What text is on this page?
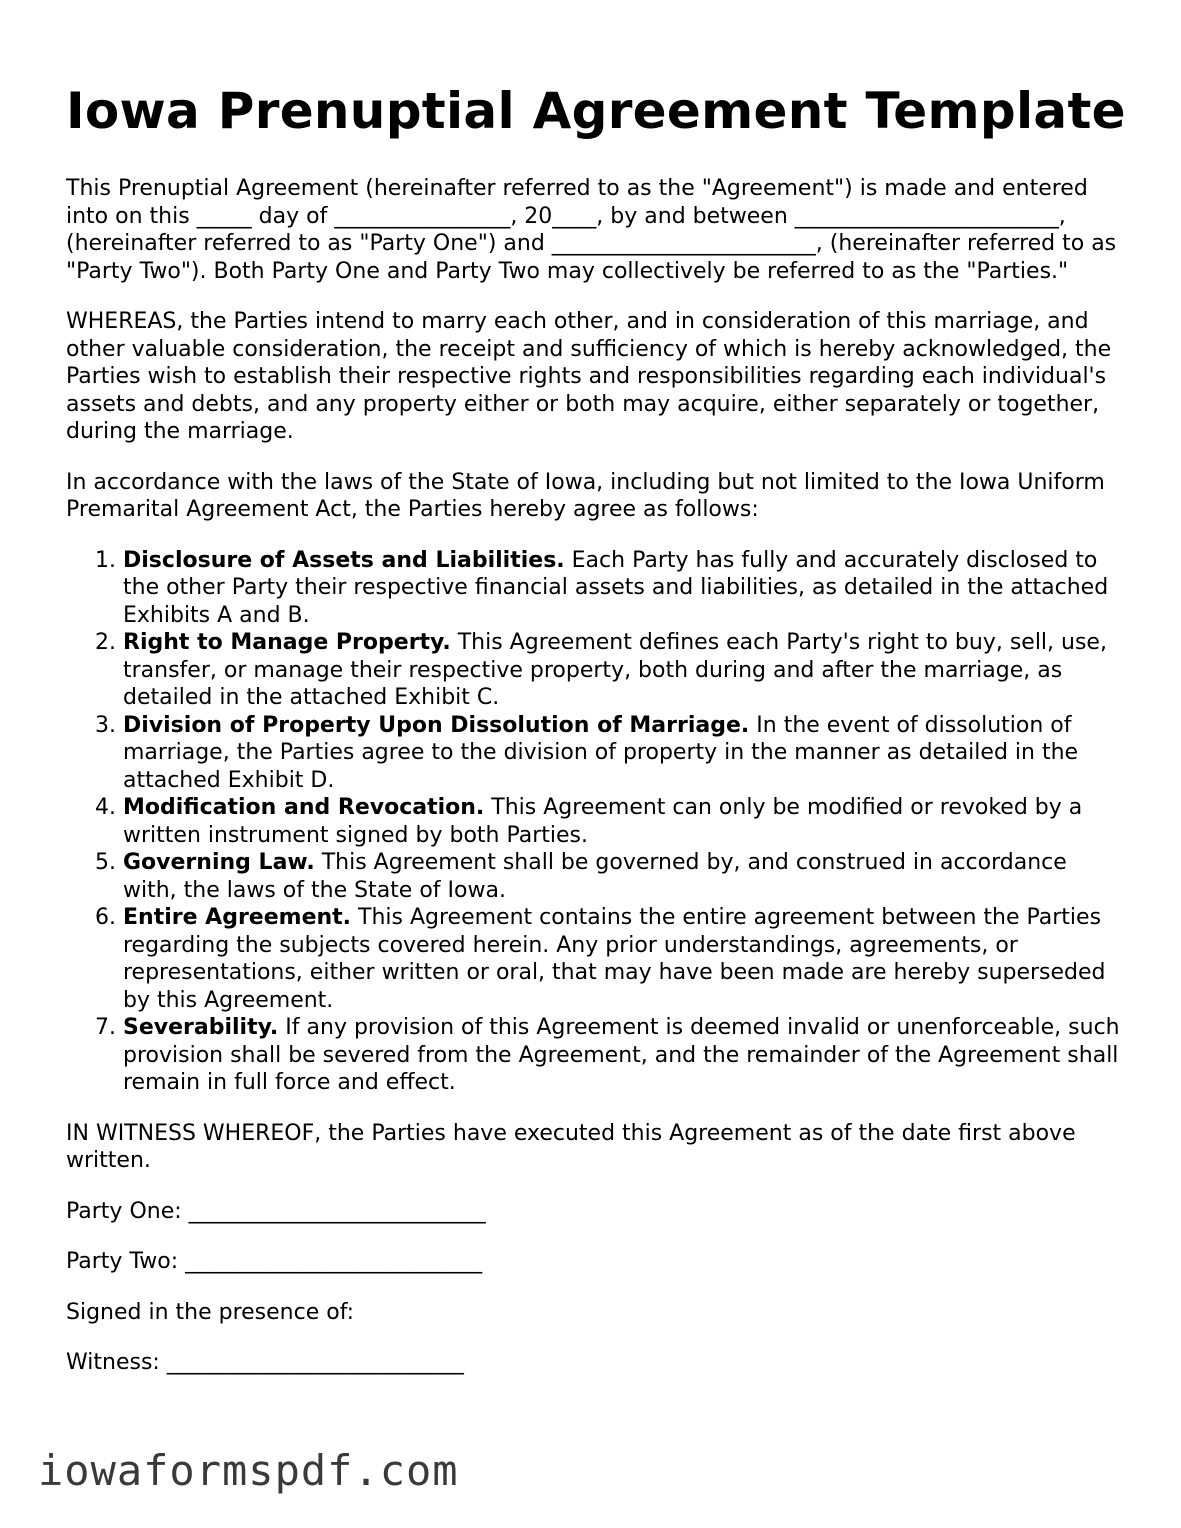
Iowa Prenuptial Agreement Template

This Prenuptial Agreement (hereinafter referred to as the "Agreement") is made and entered into on this _____ day of ________________, 20____, by and between ________________________, (hereinafter referred to as "Party One") and ________________________, (hereinafter referred to as "Party Two"). Both Party One and Party Two may collectively be referred to as the "Parties."

WHEREAS, the Parties intend to marry each other, and in consideration of this marriage, and other valuable consideration, the receipt and sufficiency of which is hereby acknowledged, the Parties wish to establish their respective rights and responsibilities regarding each individual's assets and debts, and any property either or both may acquire, either separately or together, during the marriage.

In accordance with the laws of the State of Iowa, including but not limited to the Iowa Uniform Premarital Agreement Act, the Parties hereby agree as follows:

1. Disclosure of Assets and Liabilities. Each Party has fully and accurately disclosed to the other Party their respective financial assets and liabilities, as detailed in the attached Exhibits A and B.
2. Right to Manage Property. This Agreement defines each Party's right to buy, sell, use, transfer, or manage their respective property, both during and after the marriage, as detailed in the attached Exhibit C.
3. Division of Property Upon Dissolution of Marriage. In the event of dissolution of marriage, the Parties agree to the division of property in the manner as detailed in the attached Exhibit D.
4. Modification and Revocation. This Agreement can only be modified or revoked by a written instrument signed by both Parties.
5. Governing Law. This Agreement shall be governed by, and construed in accordance with, the laws of the State of Iowa.
6. Entire Agreement. This Agreement contains the entire agreement between the Parties regarding the subjects covered herein. Any prior understandings, agreements, or representations, either written or oral, that may have been made are hereby superseded by this Agreement.
7. Severability. If any provision of this Agreement is deemed invalid or unenforceable, such provision shall be severed from the Agreement, and the remainder of the Agreement shall remain in full force and effect.

IN WITNESS WHEREOF, the Parties have executed this Agreement as of the date first above written.

Party One: ___________________________

Party Two: ___________________________

Signed in the presence of:

Witness: ___________________________

iowaformspdf.com
